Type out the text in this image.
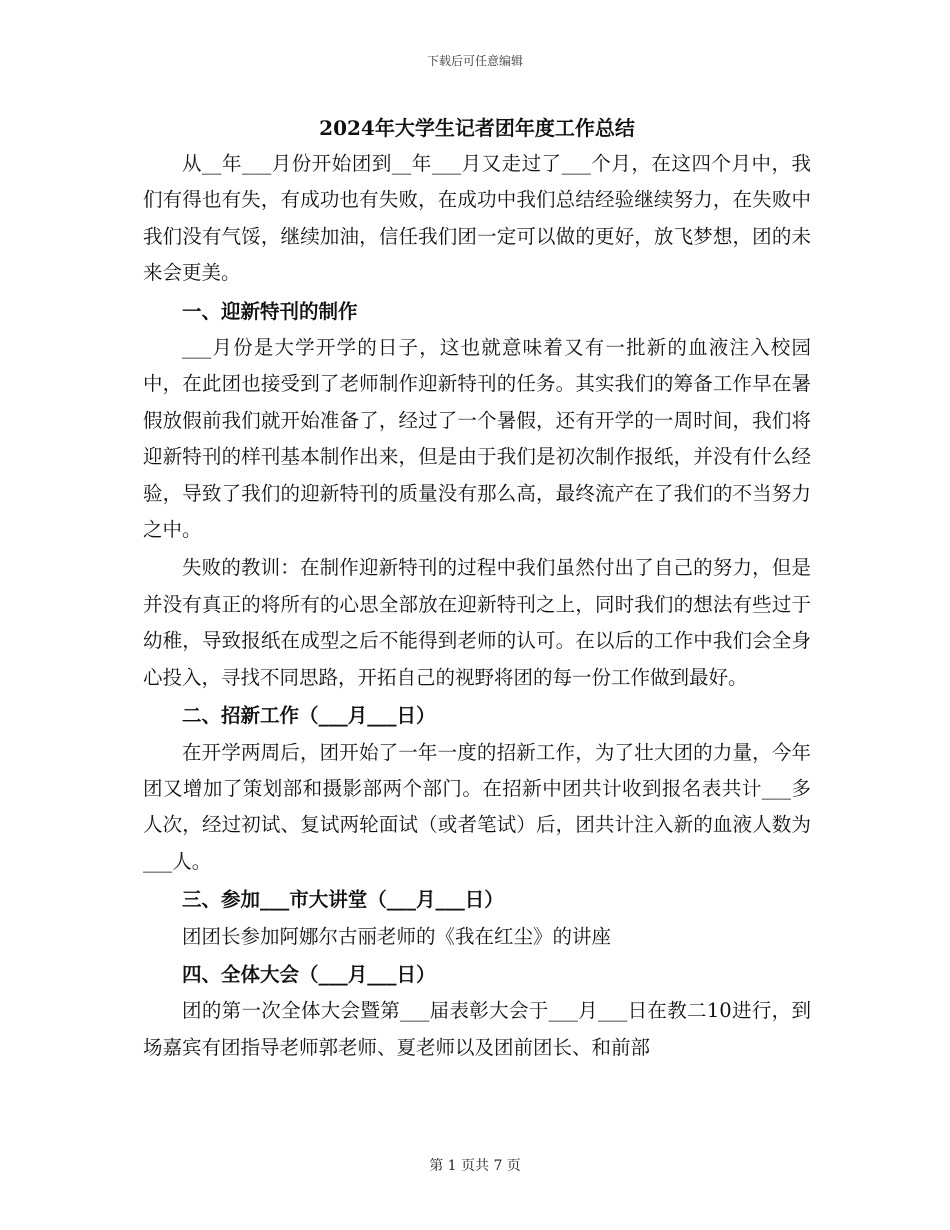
下载后可任意编辑
2024年大学生记者团年度工作总结

从__年___月份开始团到__年___月又走过了___个月，在这四个月中，我们有得也有失，有成功也有失败，在成功中我们总结经验继续努力，在失败中我们没有气馁，继续加油，信任我们团一定可以做的更好，放飞梦想，团的未来会更美。

一、迎新特刊的制作

___月份是大学开学的日子，这也就意味着又有一批新的血液注入校园中，在此团也接受到了老师制作迎新特刊的任务。其实我们的筹备工作早在暑假放假前我们就开始准备了，经过了一个暑假，还有开学的一周时间，我们将迎新特刊的样刊基本制作出来，但是由于我们是初次制作报纸，并没有什么经验，导致了我们的迎新特刊的质量没有那么高，最终流产在了我们的不当努力之中。

失败的教训：在制作迎新特刊的过程中我们虽然付出了自己的努力，但是并没有真正的将所有的心思全部放在迎新特刊之上，同时我们的想法有些过于幼稚，导致报纸在成型之后不能得到老师的认可。在以后的工作中我们会全身心投入，寻找不同思路，开拓自己的视野将团的每一份工作做到最好。

二、招新工作（___月___日）

在开学两周后，团开始了一年一度的招新工作，为了壮大团的力量，今年团又增加了策划部和摄影部两个部门。在招新中团共计收到报名表共计___多人次，经过初试、复试两轮面试（或者笔试）后，团共计注入新的血液人数为___人。

三、参加___市大讲堂（___月___日）

团团长参加阿娜尔古丽老师的《我在红尘》的讲座

四、全体大会（___月___日）

团的第一次全体大会暨第___届表彰大会于___月___日在教二10进行，到场嘉宾有团指导老师郭老师、夏老师以及团前团长、和前部

第 1 页共 7 页
